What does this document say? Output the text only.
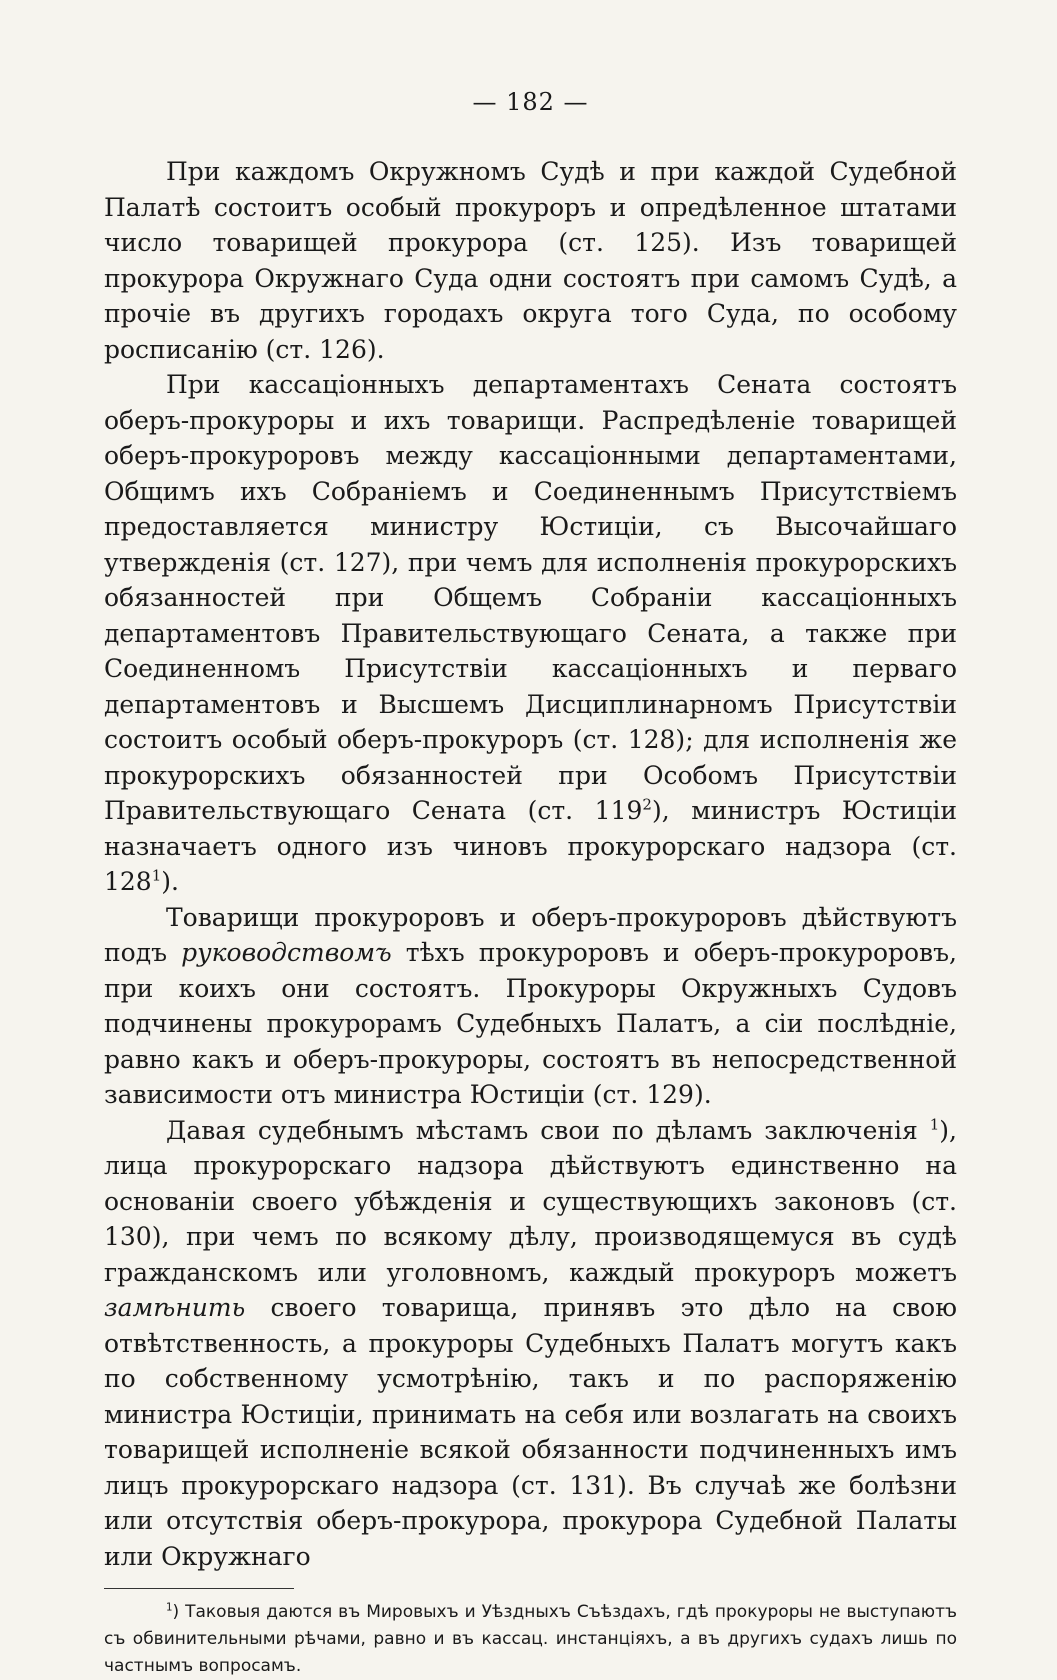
— 182 —

При каждомъ Окружномъ Судѣ и при каждой Судебной Палатѣ состоитъ особый прокуроръ и опредѣленное штатами число товарищей прокурора (ст. 125). Изъ товарищей прокурора Окружнаго Суда одни состоятъ при самомъ Судѣ, а прочіе въ другихъ городахъ округа того Суда, по особому росписанію (ст. 126).

При кассаціонныхъ департаментахъ Сената состоятъ оберъ-прокуроры и ихъ товарищи. Распредѣленіе товарищей оберъ-прокуроровъ между кассаціонными департаментами, Общимъ ихъ Собраніемъ и Соединеннымъ Присутствіемъ предоставляется министру Юстиціи, съ Высочайшаго утвержденія (ст. 127), при чемъ для исполненія прокурорскихъ обязанностей при Общемъ Собраніи кассаціонныхъ департаментовъ Правительствующаго Сената, а также при Соединенномъ Присутствіи кассаціонныхъ и перваго департаментовъ и Высшемъ Дисциплинарномъ Присутствіи состоитъ особый оберъ-прокуроръ (ст. 128); для исполненія же прокурорскихъ обязанностей при Особомъ Присутствіи Правительствующаго Сената (ст. $119^2$), министръ Юстиціи назначаетъ одного изъ чиновъ прокурорскаго надзора (ст. $128^1$).

Товарищи прокуроровъ и оберъ-прокуроровъ дѣйствуютъ подъ руководствомъ тѣхъ прокуроровъ и оберъ-прокуроровъ, при коихъ они состоятъ. Прокуроры Окружныхъ Судовъ подчинены прокурорамъ Судебныхъ Палатъ, а сіи послѣдніе, равно какъ и оберъ-прокуроры, состоятъ въ непосредственной зависимости отъ министра Юстиціи (ст. 129).

Давая судебнымъ мѣстамъ свои по дѣламъ заключенія $^1$), лица прокурорскаго надзора дѣйствуютъ единственно на основаніи своего убѣжденія и существующихъ законовъ (ст. 130), при чемъ по всякому дѣлу, производящемуся въ судѣ гражданскомъ или уголовномъ, каждый прокуроръ можетъ замѣнить своего товарища, принявъ это дѣло на свою отвѣтственность, а прокуроры Судебныхъ Палатъ могутъ какъ по собственному усмотрѣнію, такъ и по распоряженію министра Юстиціи, принимать на себя или возлагать на своихъ товарищей исполненіе всякой обязанности подчиненныхъ имъ лицъ прокурорскаго надзора (ст. 131). Въ случаѣ же болѣзни или отсутствія оберъ-прокурора, прокурора Судебной Палаты или Окружнаго

$^1$) Таковыя даются въ Мировыхъ и Уѣздныхъ Съѣздахъ, гдѣ прокуроры не выступаютъ съ обвинительными рѣчами, равно и въ кассац. инстанціяхъ, а въ другихъ судахъ лишь по частнымъ вопросамъ.
